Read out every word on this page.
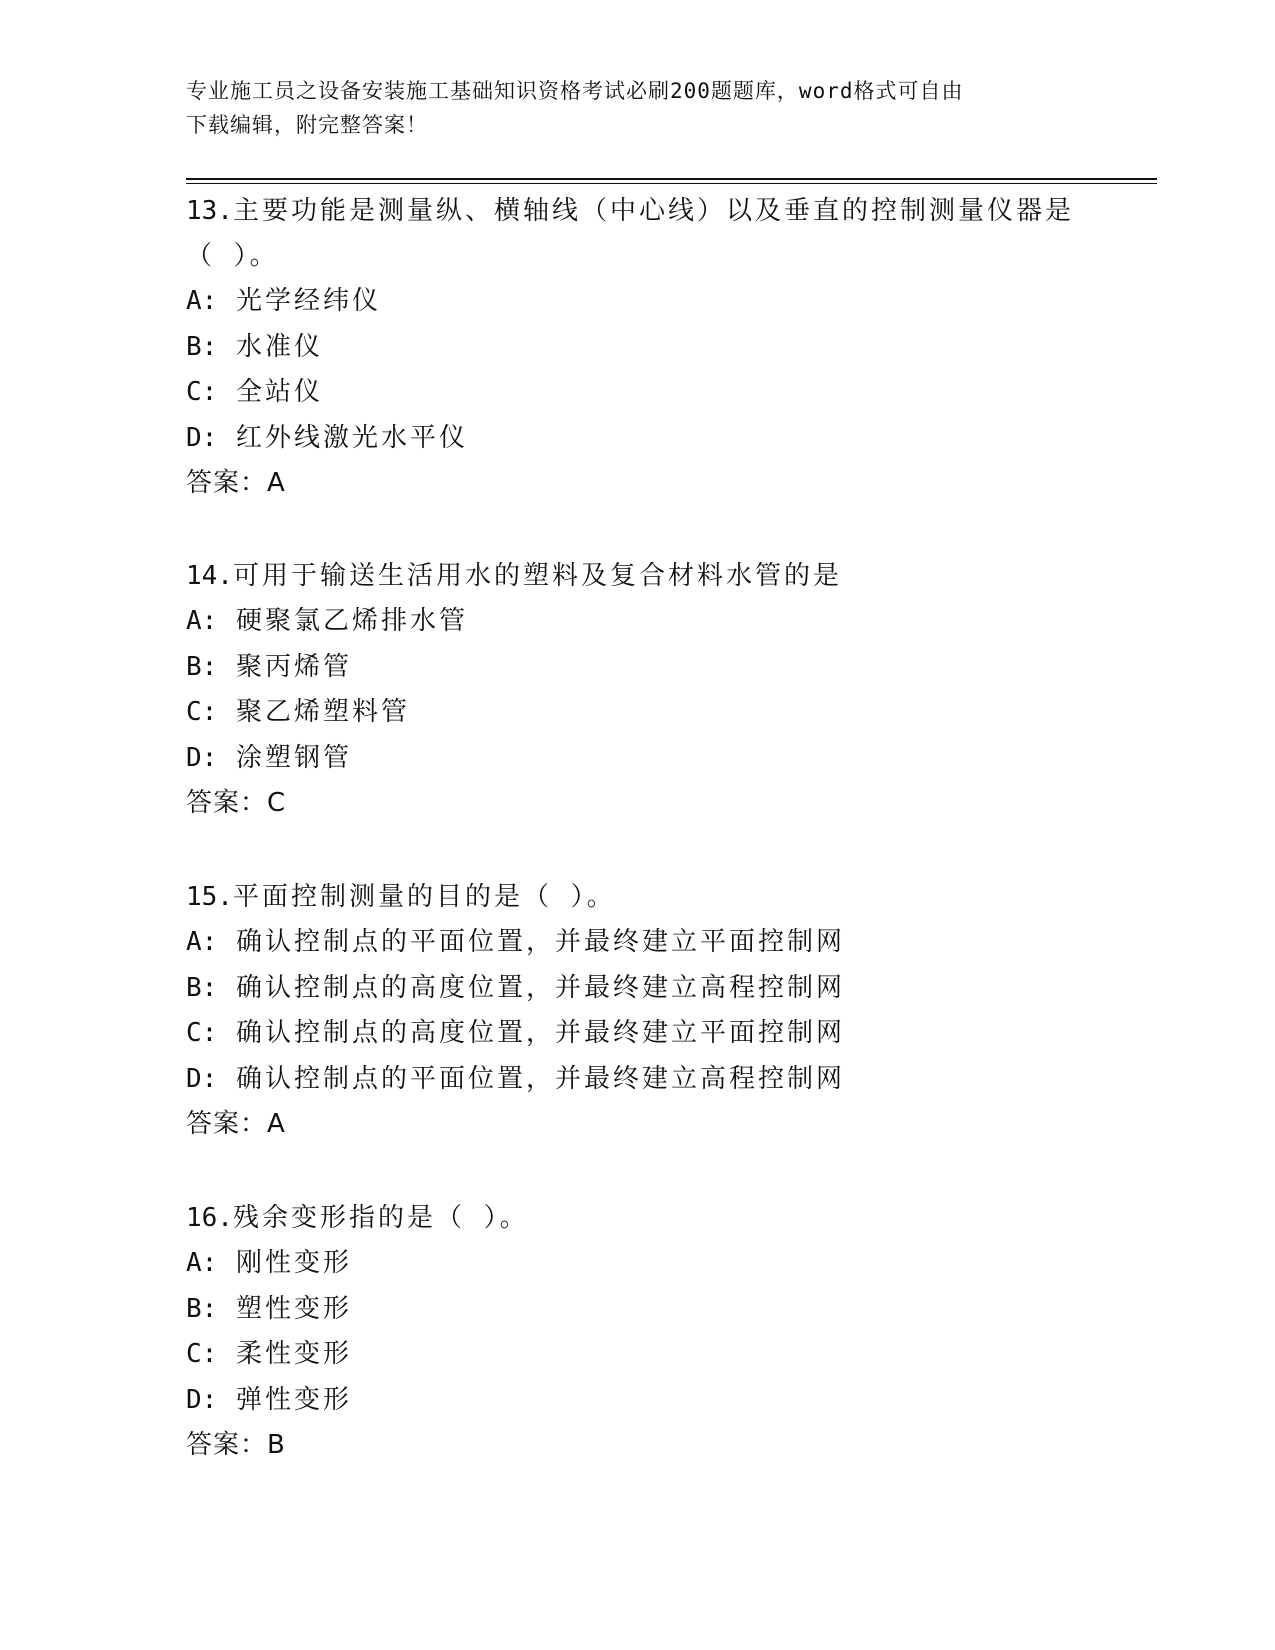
专业施工员之设备安装施工基础知识资格考试必刷200题题库，word格式可自由
下载编辑，附完整答案！
13.主要功能是测量纵、横轴线（中心线）以及垂直的控制测量仪器是（ ）。
A: 光学经纬仪
B: 水准仪
C: 全站仪
D: 红外线激光水平仪
答案：A
14.可用于输送生活用水的塑料及复合材料水管的是
A: 硬聚氯乙烯排水管
B: 聚丙烯管
C: 聚乙烯塑料管
D: 涂塑钢管
答案：C
15.平面控制测量的目的是（ ）。
A: 确认控制点的平面位置，并最终建立平面控制网
B: 确认控制点的高度位置，并最终建立高程控制网
C: 确认控制点的高度位置，并最终建立平面控制网
D: 确认控制点的平面位置，并最终建立高程控制网
答案：A
16.残余变形指的是（ ）。
A: 刚性变形
B: 塑性变形
C: 柔性变形
D: 弹性变形
答案：B
